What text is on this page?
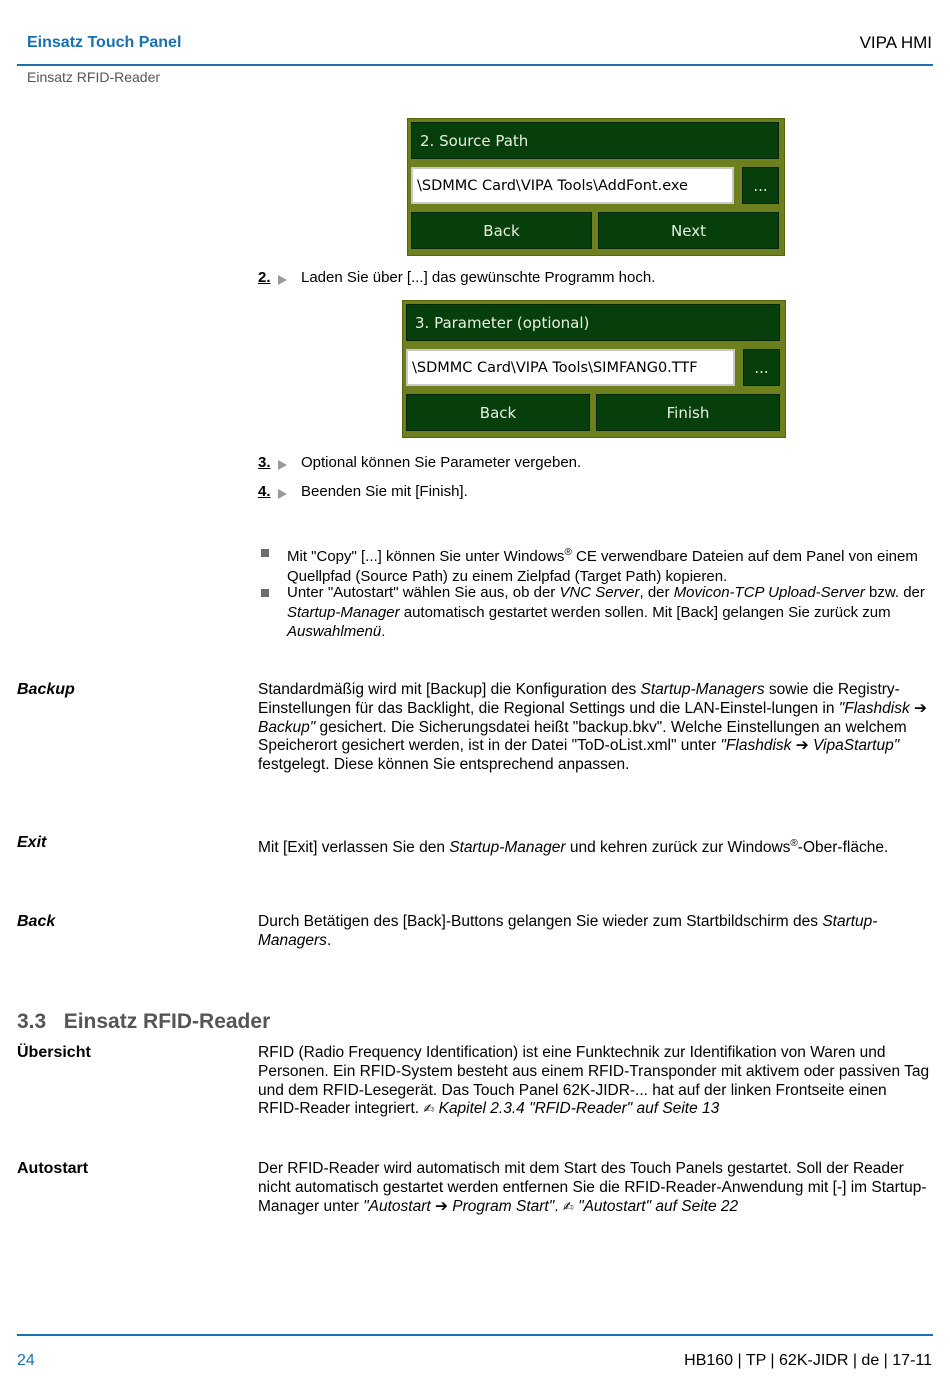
Einsatz Touch Panel	VIPA HMI
Einsatz RFID-Reader
2. Source Path
\SDMMC Card\VIPA Tools\AddFont.exe	...
Back	Next
2. Laden Sie über [...] das gewünschte Programm hoch.
3. Parameter (optional)
\SDMMC Card\VIPA Tools\SIMFANG0.TTF	...
Back	Finish
3. Optional können Sie Parameter vergeben.
4. Beenden Sie mit [Finish].
Mit "Copy" [...] können Sie unter Windows® CE verwendbare Dateien auf dem Panel von einem Quellpfad (Source Path) zu einem Zielpfad (Target Path) kopieren.
Unter "Autostart" wählen Sie aus, ob der VNC Server, der Movicon-TCP Upload-Server bzw. der Startup-Manager automatisch gestartet werden sollen. Mit [Back] gelangen Sie zurück zum Auswahlmenü.
Backup	Standardmäßig wird mit [Backup] die Konfiguration des Startup-Managers sowie die Registry-Einstellungen für das Backlight, die Regional Settings und die LAN-Einstel-lungen in "Flashdisk ➔ Backup" gesichert. Die Sicherungsdatei heißt "backup.bkv". Welche Einstellungen an welchem Speicherort gesichert werden, ist in der Datei "ToD-oList.xml" unter "Flashdisk ➔ VipaStartup" festgelegt. Diese können Sie entsprechend anpassen.
Exit	Mit [Exit] verlassen Sie den Startup-Manager und kehren zurück zur Windows®-Ober-fläche.
Back	Durch Betätigen des [Back]-Buttons gelangen Sie wieder zum Startbildschirm des Startup-Managers.
3.3   Einsatz RFID-Reader
Übersicht	RFID (Radio Frequency Identification) ist eine Funktechnik zur Identifikation von Waren und Personen. Ein RFID-System besteht aus einem RFID-Transponder mit aktivem oder passiven Tag und dem RFID-Lesegerät. Das Touch Panel 62K-JIDR-... hat auf der linken Frontseite einen RFID-Reader integriert. ✍ Kapitel 2.3.4 "RFID-Reader" auf Seite 13
Autostart	Der RFID-Reader wird automatisch mit dem Start des Touch Panels gestartet. Soll der Reader nicht automatisch gestartet werden entfernen Sie die RFID-Reader-Anwendung mit [-] im Startup-Manager unter "Autostart ➔ Program Start". ✍ "Autostart" auf Seite 22
24	HB160 | TP | 62K-JIDR | de | 17-11
